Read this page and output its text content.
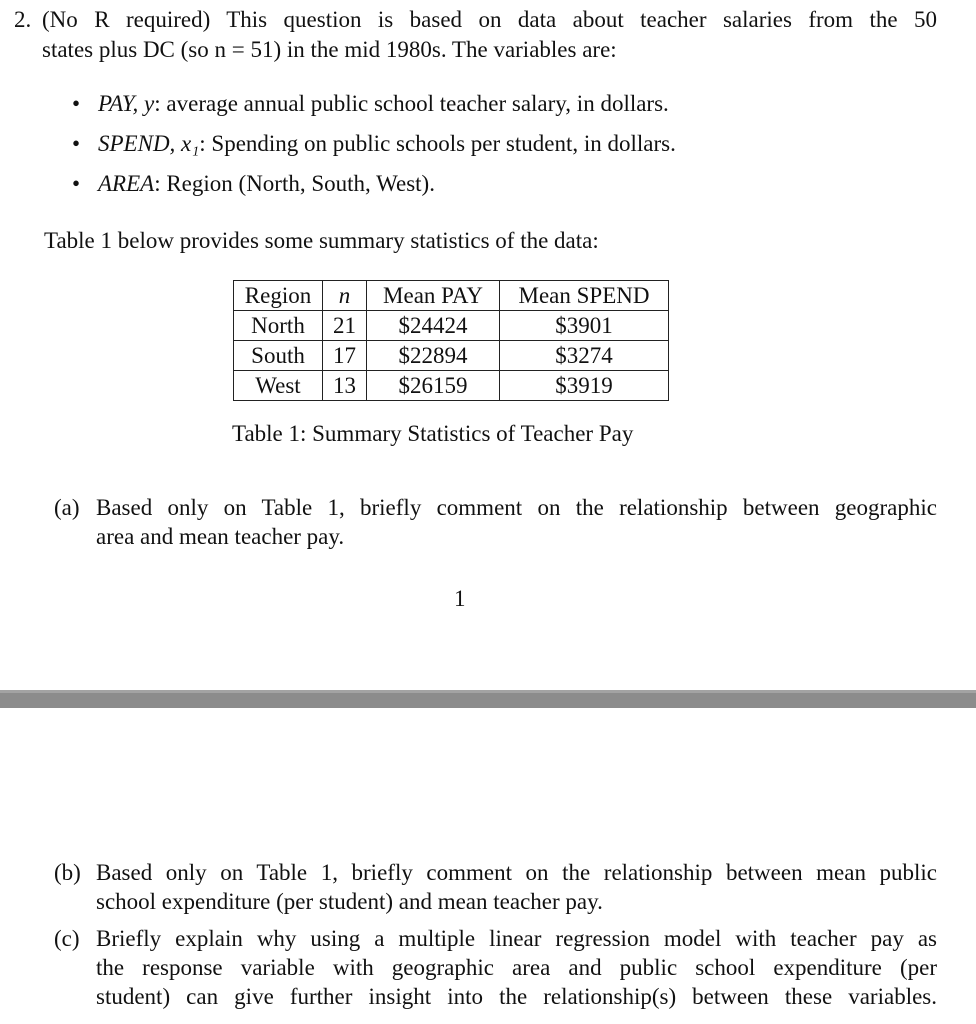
2. (No R required) This question is based on data about teacher salaries from the 50
states plus DC (so n = 51) in the mid 1980s. The variables are:
• PAY, y: average annual public school teacher salary, in dollars.
• SPEND, x₁: Spending on public schools per student, in dollars.
• AREA: Region (North, South, West).
Table 1 below provides some summary statistics of the data:
Region	n	Mean PAY	Mean SPEND
North	21	$24424	$3901
South	17	$22894	$3274
West	13	$26159	$3919
Table 1: Summary Statistics of Teacher Pay
(a) Based only on Table 1, briefly comment on the relationship between geographic
area and mean teacher pay.
1
(b) Based only on Table 1, briefly comment on the relationship between mean public
school expenditure (per student) and mean teacher pay.
(c) Briefly explain why using a multiple linear regression model with teacher pay as
the response variable with geographic area and public school expenditure (per
student) can give further insight into the relationship(s) between these variables.
